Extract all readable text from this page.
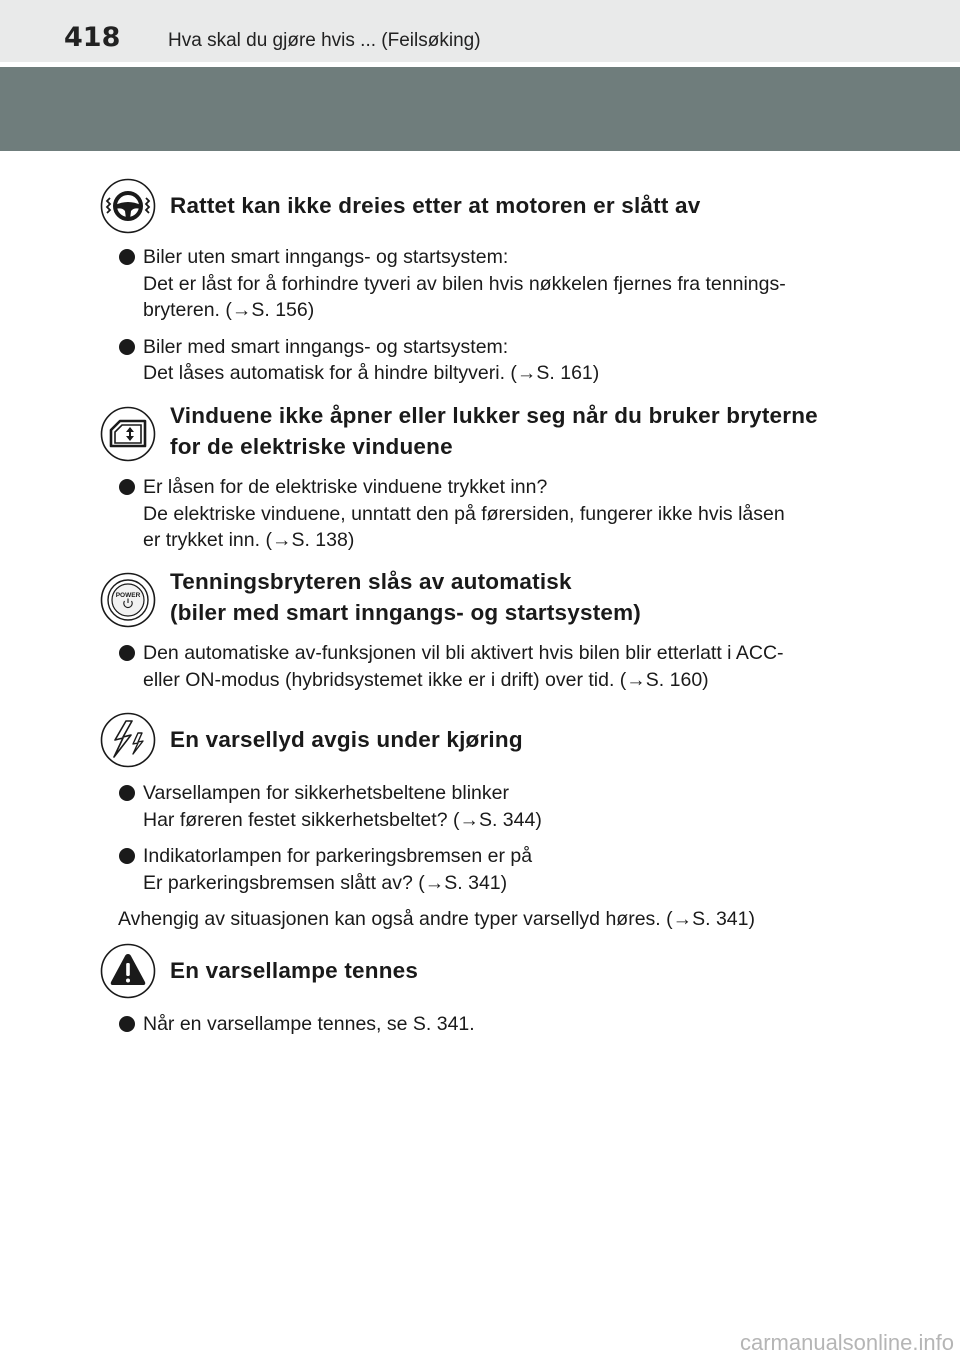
418	Hva skal du gjøre hvis ... (Feilsøking)
Rattet kan ikke dreies etter at motoren er slått av
Biler uten smart inngangs- og startsystem:
Det er låst for å forhindre tyveri av bilen hvis nøkkelen fjernes fra tennings-
bryteren. (→S. 156)
Biler med smart inngangs- og startsystem:
Det låses automatisk for å hindre biltyveri. (→S. 161)
Vinduene ikke åpner eller lukker seg når du bruker bryterne
for de elektriske vinduene
Er låsen for de elektriske vinduene trykket inn?
De elektriske vinduene, unntatt den på førersiden, fungerer ikke hvis låsen
er trykket inn. (→S. 138)
POWER
Tenningsbryteren slås av automatisk
(biler med smart inngangs- og startsystem)
Den automatiske av-funksjonen vil bli aktivert hvis bilen blir etterlatt i ACC-
eller ON-modus (hybridsystemet ikke er i drift) over tid. (→S. 160)
En varsellyd avgis under kjøring
Varsellampen for sikkerhetsbeltene blinker
Har føreren festet sikkerhetsbeltet? (→S. 344)
Indikatorlampen for parkeringsbremsen er på
Er parkeringsbremsen slått av? (→S. 341)
Avhengig av situasjonen kan også andre typer varsellyd høres. (→S. 341)
En varsellampe tennes
Når en varsellampe tennes, se S. 341.
carmanualsonline.info
